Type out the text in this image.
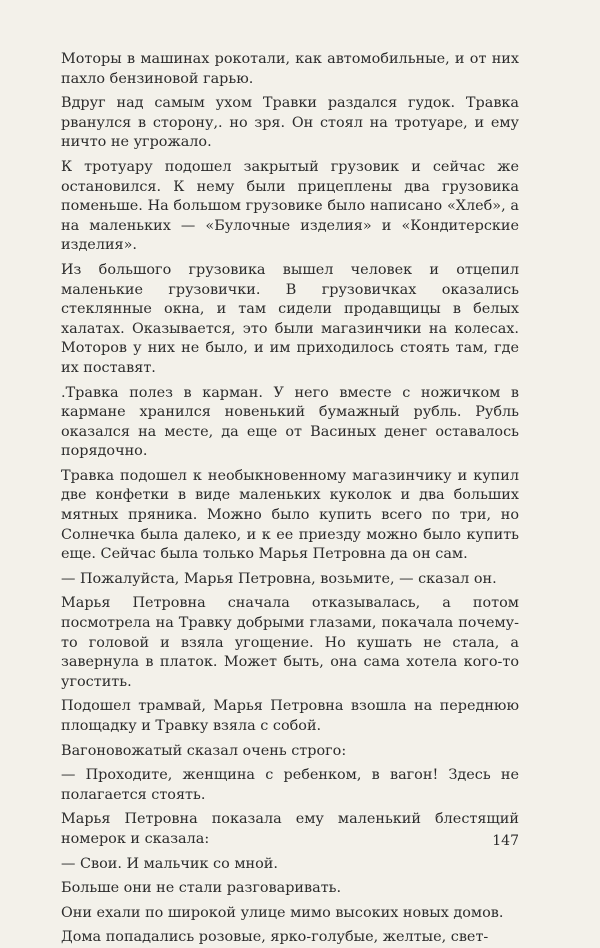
Моторы в машинах рокотали, как автомобильные, и от них пахло бензиновой гарью.

Вдруг над самым ухом Травки раздался гудок. Травка рванулся в сторону,. но зря. Он стоял на тротуаре, и ему ничто не угрожало.

К тротуару подошел закрытый грузовик и сейчас же остановился. К нему были прицеплены два грузовика поменьше. На большом грузовике было написано «Хлеб», а на маленьких — «Булочные изделия» и «Кондитерские изделия».

Из большого грузовика вышел человек и отцепил маленькие грузовички. В грузовичках оказались стеклянные окна, и там сидели продавщицы в белых халатах. Оказывается, это были магазинчики на колесах. Моторов у них не было, и им приходилось стоять там, где их поставят.

.Травка полез в карман. У него вместе с ножичком в кармане хранился новенький бумажный рубль. Рубль оказался на месте, да еще от Васиных денег оставалось порядочно.

Травка подошел к необыкновенному магазинчику и купил две конфетки в виде маленьких куколок и два больших мятных пряника. Можно было купить всего по три, но Солнечка была далеко, и к ее приезду можно было купить еще. Сейчас была только Марья Петровна да он сам.

— Пожалуйста, Марья Петровна, возьмите, — сказал он.

Марья Петровна сначала отказывалась, а потом посмотрела на Травку добрыми глазами, покачала почему-то головой и взяла угощение. Но кушать не стала, а завернула в платок. Может быть, она сама хотела кого-то угостить.

Подошел трамвай, Марья Петровна взошла на переднюю площадку и Травку взяла с собой.

Вагоновожатый сказал очень строго:

— Проходите, женщина с ребенком, в вагон! Здесь не полагается стоять.

Марья Петровна показала ему маленький блестящий номерок и сказала:

— Свои. И мальчик со мной.

Больше они не стали разговаривать.

Они ехали по широкой улице мимо высоких новых домов.

Дома попадались розовые, ярко-голубые, желтые, свет-

147
